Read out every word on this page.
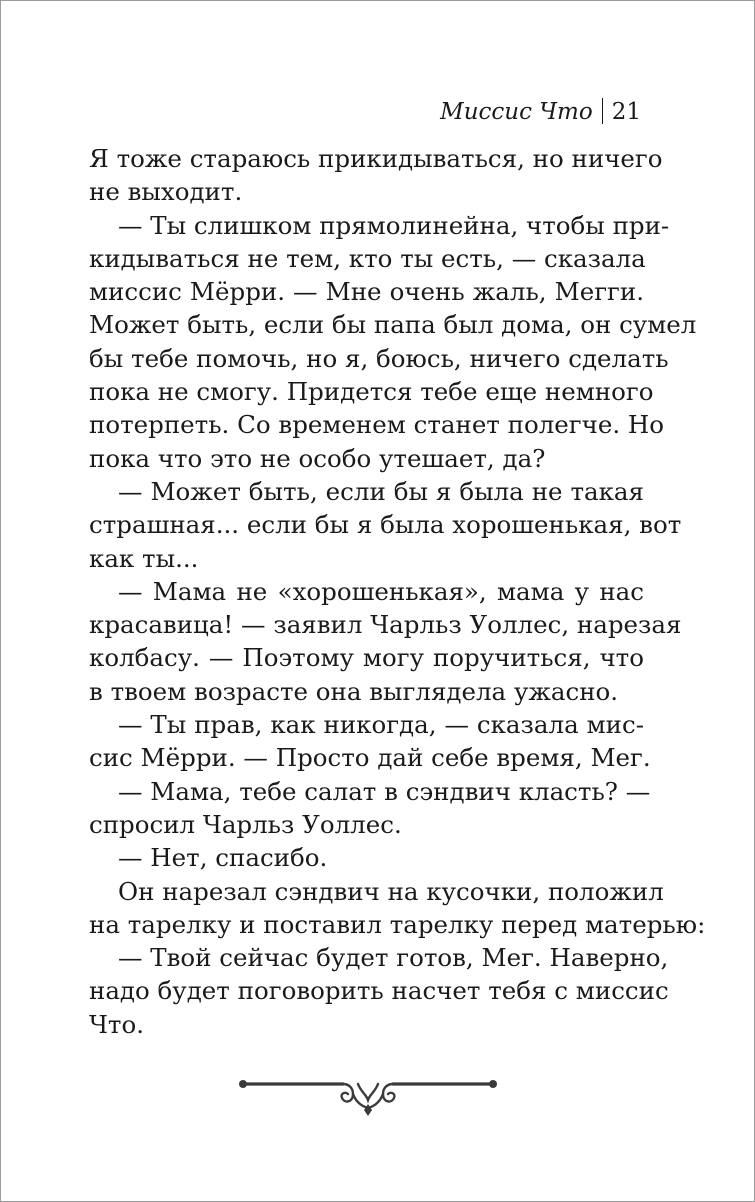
Миссис Что 21
Я тоже стараюсь прикидываться, но ничего
не выходит.
— Ты слишком прямолинейна, чтобы при-
кидываться не тем, кто ты есть, — сказала
миссис Мёрри. — Мне очень жаль, Мегги.
Может быть, если бы папа был дома, он сумел
бы тебе помочь, но я, боюсь, ничего сделать
пока не смогу. Придется тебе еще немного
потерпеть. Со временем станет полегче. Но
пока что это не особо утешает, да?
— Может быть, если бы я была не такая
страшная... если бы я была хорошенькая, вот
как ты...
— Мама не «хорошенькая», мама у нас
красавица! — заявил Чарльз Уоллес, нарезая
колбасу. — Поэтому могу поручиться, что
в твоем возрасте она выглядела ужасно.
— Ты прав, как никогда, — сказала мис-
сис Мёрри. — Просто дай себе время, Мег.
— Мама, тебе салат в сэндвич класть? —
спросил Чарльз Уоллес.
— Нет, спасибо.
Он нарезал сэндвич на кусочки, положил
на тарелку и поставил тарелку перед матерью:
— Твой сейчас будет готов, Мег. Наверно,
надо будет поговорить насчет тебя с миссис
Что.
